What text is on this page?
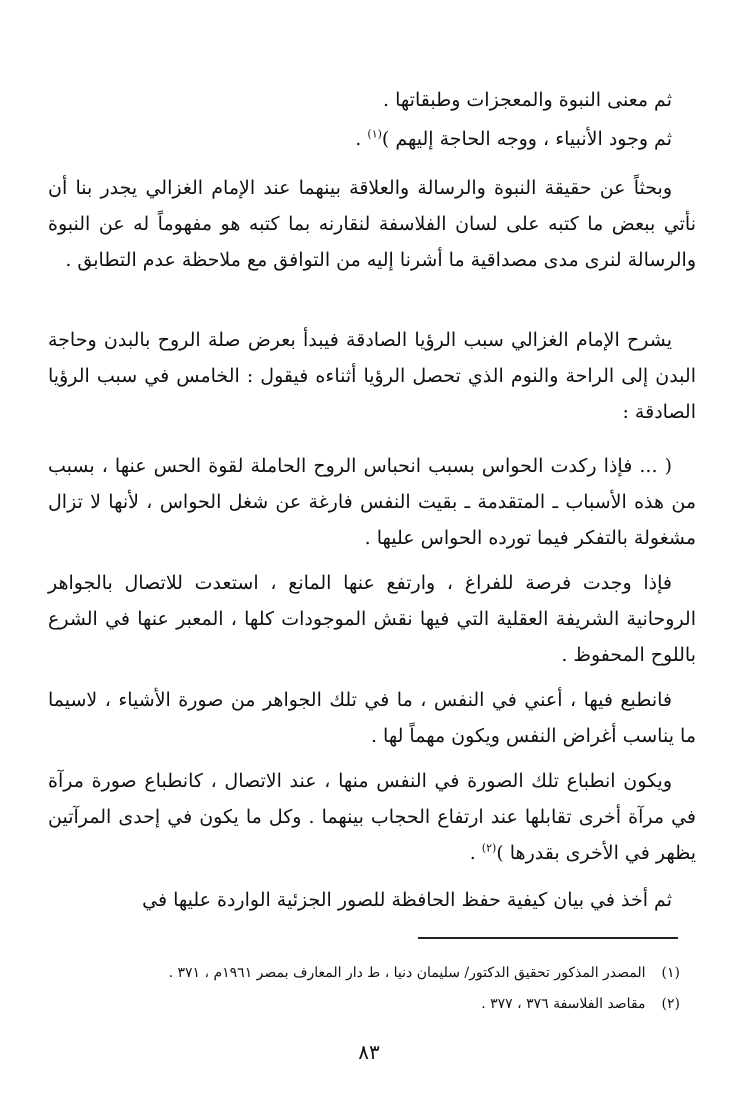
ثم معنى النبوة والمعجزات وطبقاتها .

ثم وجود الأنبياء ، ووجه الحاجة إليهم )$^{(١)}$ .

وبحثاً عن حقيقة النبوة والرسالة والعلاقة بينهما عند الإمام الغزالي يجدر بنا أن نأتي ببعض ما كتبه على لسان الفلاسفة لنقارنه بما كتبه هو مفهوماً له عن النبوة والرسالة لنرى مدى مصداقية ما أشرنا إليه من التوافق مع ملاحظة عدم التطابق .

يشرح الإمام الغزالي سبب الرؤيا الصادقة فيبدأ بعرض صلة الروح بالبدن وحاجة البدن إلى الراحة والنوم الذي تحصل الرؤيا أثناءه فيقول : الخامس في سبب الرؤيا الصادقة :

( ... فإذا ركدت الحواس بسبب انحباس الروح الحاملة لقوة الحس عنها ، بسبب من هذه الأسباب ـ المتقدمة ـ بقيت النفس فارغة عن شغل الحواس ، لأنها لا تزال مشغولة بالتفكر فيما تورده الحواس عليها .

فإذا وجدت فرصة للفراغ ، وارتفع عنها المانع ، استعدت للاتصال بالجواهر الروحانية الشريفة العقلية التي فيها نقش الموجودات كلها ، المعبر عنها في الشرع باللوح المحفوظ .

فانطبع فيها ، أعني في النفس ، ما في تلك الجواهر من صورة الأشياء ، لاسيما ما يناسب أغراض النفس ويكون مهماً لها .

ويكون انطباع تلك الصورة في النفس منها ، عند الاتصال ، كانطباع صورة مرآة في مرآة أخرى تقابلها عند ارتفاع الحجاب بينهما . وكل ما يكون في إحدى المرآتين يظهر في الأخرى بقدرها )$^{(٢)}$ .

ثم أخذ في بيان كيفية حفظ الحافظة للصور الجزئية الواردة عليها في

(١) المصدر المذكور تحقيق الدكتور/ سليمان دنيا ، ط دار المعارف بمصر ١٩٦١م ، ٣٧١ .
(٢) مقاصد الفلاسفة ٣٧٦ ، ٣٧٧ .
٨٣
